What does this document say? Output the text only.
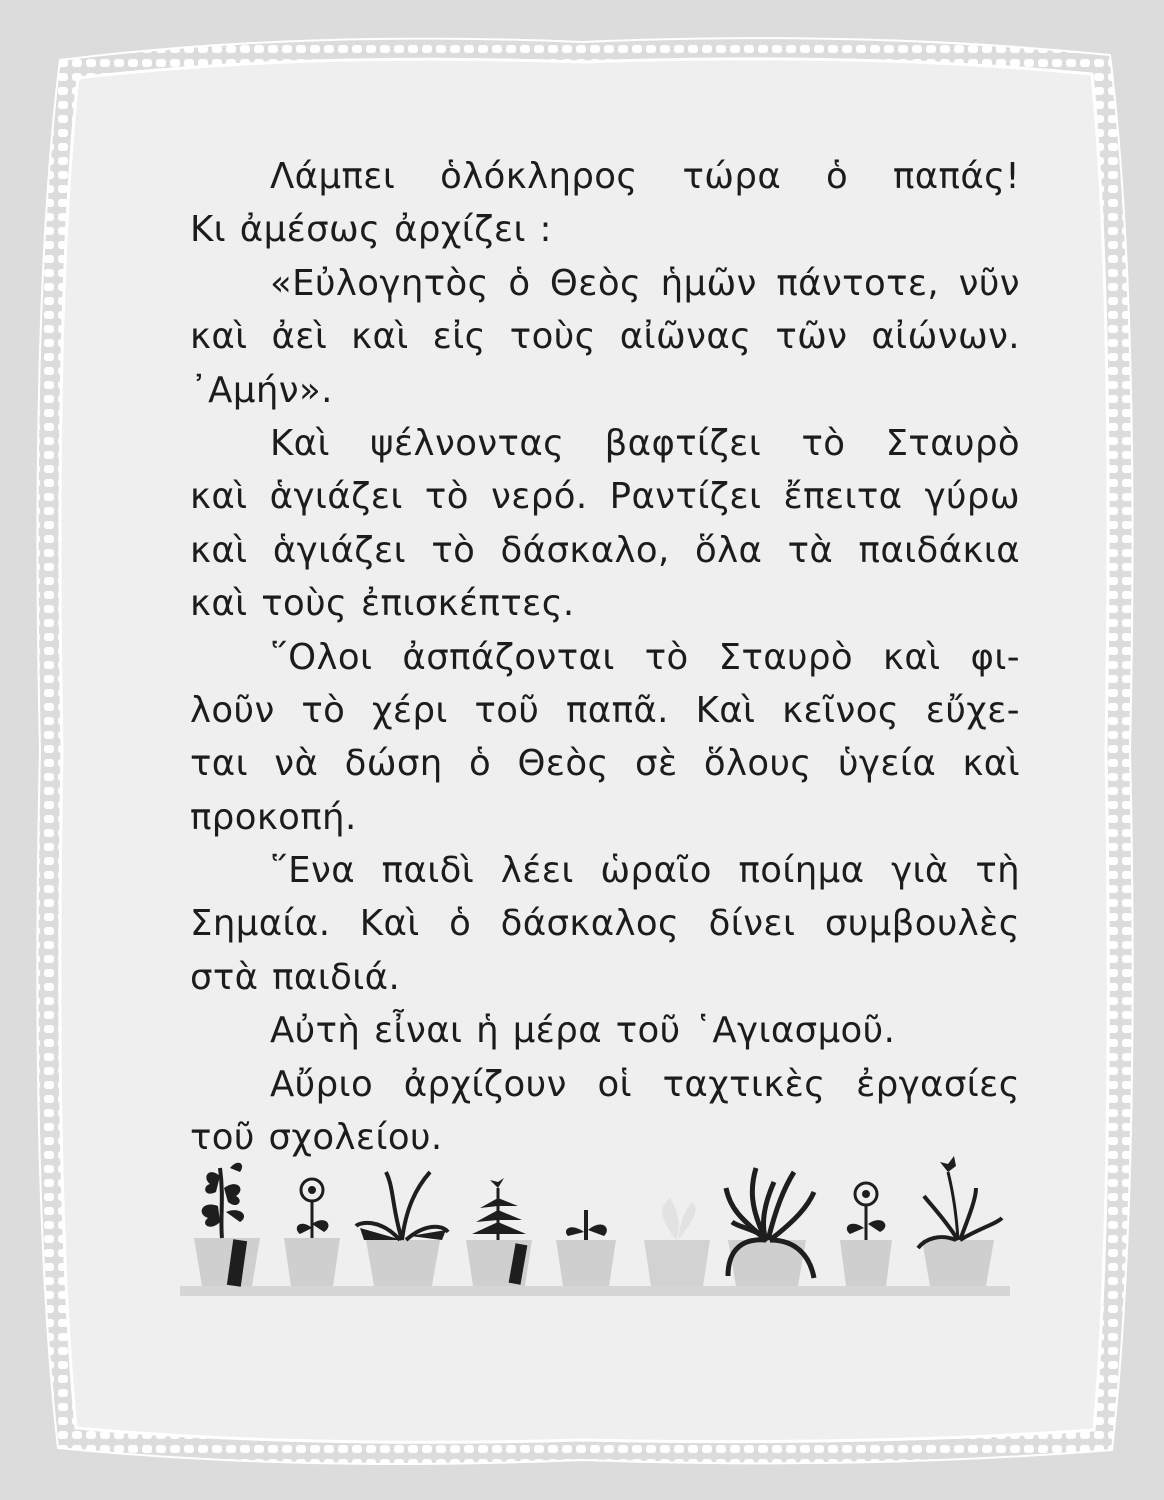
Λάμπει ὁλόκληρος τώρα ὁ παπάς!
Κι ἀμέσως ἀρχίζει :
«Εὐλογητὸς ὁ Θεὸς ἡμῶν πάντοτε, νῦν
καὶ ἀεὶ καὶ εἰς τοὺς αἰῶνας τῶν αἰώνων.
᾿Αμήν».
Καὶ ψέλνοντας βαφτίζει τὸ Σταυρὸ
καὶ ἁγιάζει τὸ νερό. Ραντίζει ἔπειτα γύρω
καὶ ἁγιάζει τὸ δάσκαλο, ὅλα τὰ παιδάκια
καὶ τοὺς ἐπισκέπτες.
῞Ολοι ἀσπάζονται τὸ Σταυρὸ καὶ φι-
λοῦν τὸ χέρι τοῦ παπᾶ. Καὶ κεῖνος εὔχε-
ται νὰ δώση ὁ Θεὸς σὲ ὅλους ὑγεία καὶ
προκοπή.
῞Ενα παιδὶ λέει ὡραῖο ποίημα γιὰ τὴ
Σημαία. Καὶ ὁ δάσκαλος δίνει συμβουλὲς
στὰ παιδιά.
Αὐτὴ εἶναι ἡ μέρα τοῦ ῾Αγιασμοῦ.
Αὔριο ἀρχίζουν οἱ ταχτικὲς ἐργασίες
τοῦ σχολείου.
